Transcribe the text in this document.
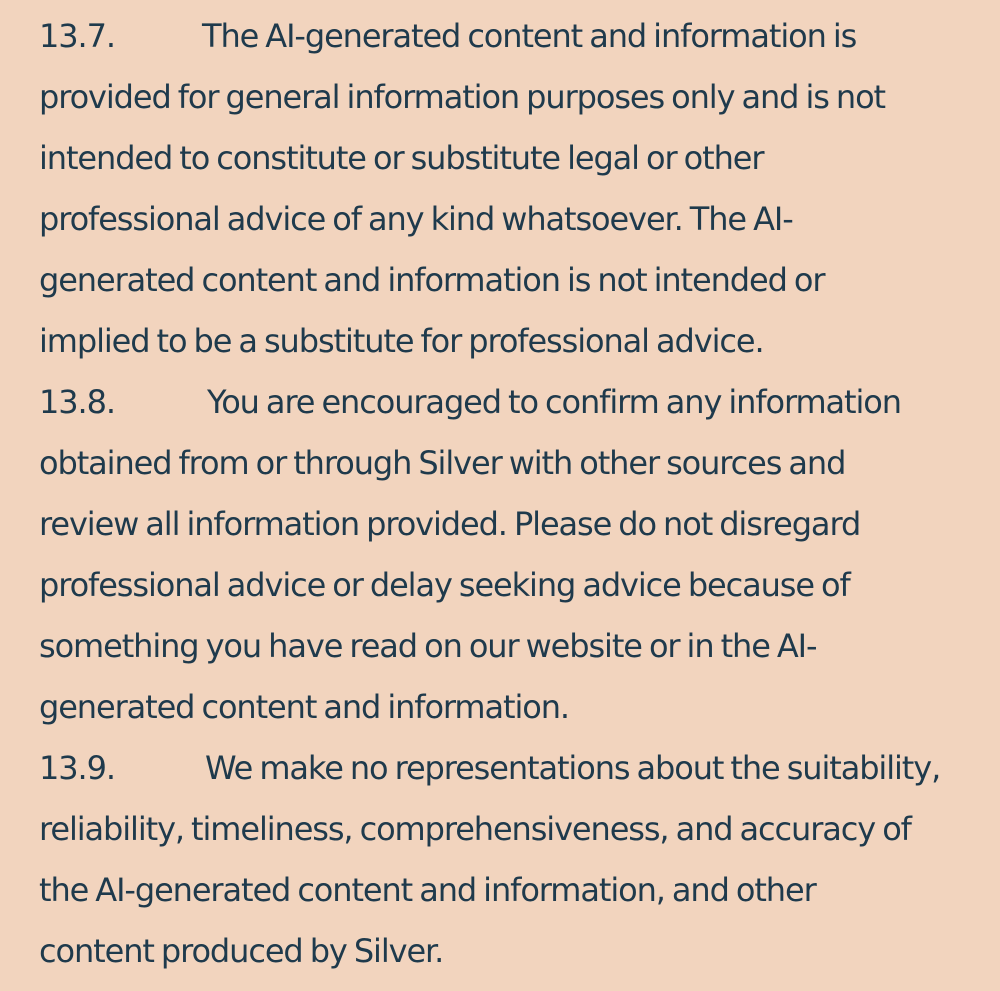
13.7.	The AI-generated content and information is
provided for general information purposes only and is not
intended to constitute or substitute legal or other
professional advice of any kind whatsoever. The AI-
generated content and information is not intended or
implied to be a substitute for professional advice.
13.8.	You are encouraged to confirm any information
obtained from or through Silver with other sources and
review all information provided. Please do not disregard
professional advice or delay seeking advice because of
something you have read on our website or in the AI-
generated content and information.
13.9.	We make no representations about the suitability,
reliability, timeliness, comprehensiveness, and accuracy of
the AI-generated content and information, and other
content produced by Silver.
